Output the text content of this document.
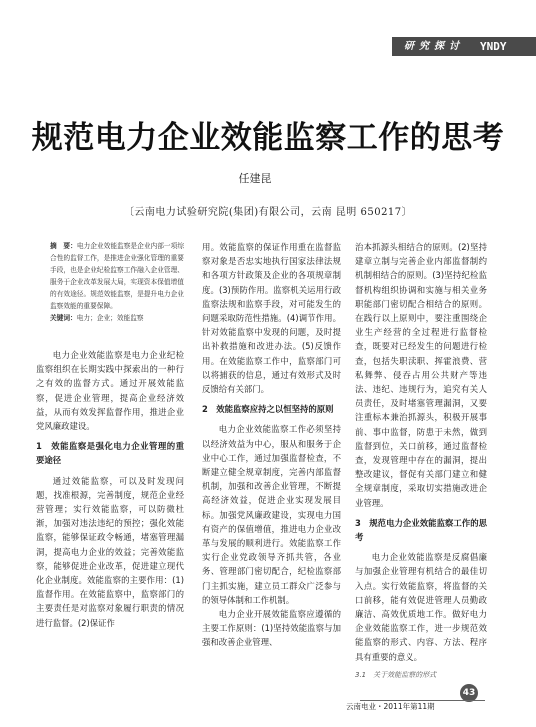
研究探讨 YNDY
规范电力企业效能监察工作的思考
任建昆
〔云南电力试验研究院(集团)有限公司，云南 昆明 650217〕

摘　要：电力企业效能监察是企业内部一项综合性的监督工作，是推进企业强化管理的重要手段，也是企业纪检监察工作融入企业管理、服务于企业改革发展大局，实现资本保值增值的有效途径。规范效能监察，是提升电力企业监察效能的重要保障。

关键词：电力；企业；效能监察

电力企业效能监察是电力企业纪检监察组织在长期实践中探索出的一种行之有效的监督方式。通过开展效能监察，促进企业管理，提高企业经济效益，从而有效发挥监督作用，推进企业党风廉政建设。

1　效能监察是强化电力企业管理的重要途径

通过效能监察，可以及时发现问题，找准根源，完善制度，规范企业经营管理；实行效能监察，可以防微杜渐，加强对违法违纪的预控；强化效能监察，能够保证政令畅通，堵塞管理漏洞，提高电力企业的效益；完善效能监察，能够促进企业改革，促进建立现代化企业制度。效能监察的主要作用：(1)监督作用。在效能监察中，监察部门的主要责任是对监察对象履行职责的情况进行监督。(2)保证作

用。效能监察的保证作用重在监督监察对象是否忠实地执行国家法律法规和各项方针政策及企业的各项规章制度。(3)预防作用。监察机关运用行政监察法规和监察手段，对可能发生的问题采取防范性措施。(4)调节作用。针对效能监察中发现的问题，及时提出补救措施和改进办法。(5)反馈作用。在效能监察工作中，监察部门可以将捕获的信息，通过有效形式及时反馈给有关部门。

2　效能监察应持之以恒坚持的原则

电力企业效能监察工作必须坚持以经济效益为中心，服从和服务于企业中心工作，通过加强监督检查，不断建立健全规章制度，完善内部监督机制，加强和改善企业管理，不断提高经济效益，促进企业实现发展目标。加强党风廉政建设，实现电力国有资产的保值增值，推进电力企业改革与发展的顺利进行。效能监察工作实行企业党政领导齐抓共管，各业务、管理部门密切配合，纪检监察部门主抓实施，建立员工群众广泛参与的领导体制和工作机制。

电力企业开展效能监察应遵循的主要工作原则：(1)坚持效能监察与加强和改善企业管理、

治本抓源头相结合的原则。(2)坚持建章立制与完善企业内部监督制约机制相结合的原则。(3)坚持纪检监督机构组织协调和实施与相关业务职能部门密切配合相结合的原则。在践行以上原则中，要注重围绕企业生产经营的全过程进行监督检查，既要对已经发生的问题进行检查，包括失职渎职、挥霍浪费、营私舞弊、侵吞占用公共财产等违法、违纪、违规行为，追究有关人员责任，及时堵塞管理漏洞，又要注重标本兼治抓源头，积极开展事前、事中监督，防患于未然，做到监督到位，关口前移，通过监督检查，发现管理中存在的漏洞，提出整改建议，督促有关部门建立和健全规章制度，采取切实措施改进企业管理。

3　规范电力企业效能监察工作的思考

电力企业效能监察是反腐倡廉与加强企业管理有机结合的最佳切入点。实行效能监察，将监督的关口前移，能有效促进管理人员勤政廉洁、高效优质地工作。做好电力企业效能监察工作，进一步规范效能监察的形式、内容、方法、程序具有重要的意义。

3.1　关于效能监察的形式

43
云南电业・2011年第11期
